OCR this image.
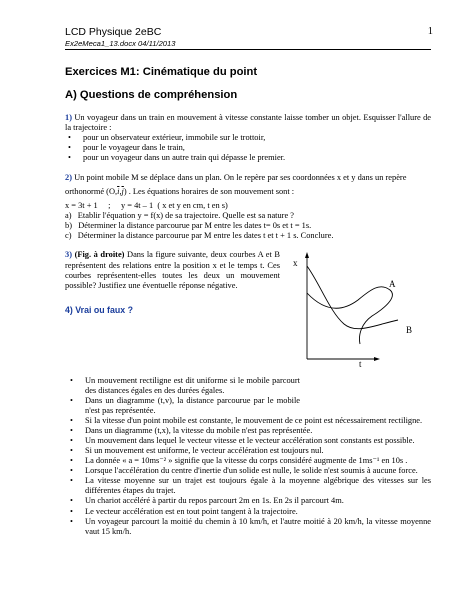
LCD Physique 2eBC	1
Ex2eMeca1_13.docx 04/11/2013
Exercices M1: Cinématique du point
A) Questions de compréhension
1) Un voyageur dans un train en mouvement à vitesse constante laisse tomber un objet. Esquisser l'allure de la trajectoire :
• pour un observateur extérieur, immobile sur le trottoir,
• pour le voyageur dans le train,
• pour un voyageur dans un autre train qui dépasse le premier.
2) Un point mobile M se déplace dans un plan. On le repère par ses coordonnées x et y dans un repère
orthonormé $(O,\overline{i},\overline{j})$ . Les équations horaires de son mouvement sont :
x = 3t + 1     ;     y = 4t – 1  ( x et y en cm, t en s)
a)   Etablir l'équation y = f(x) de sa trajectoire. Quelle est sa nature ?
b)   Déterminer la distance parcourue par M entre les dates t= 0s et t = 1s.
c)   Déterminer la distance parcourue par M entre les dates t et t + 1 s. Conclure.
3) (Fig. à droite) Dans la figure suivante, deux courbes A et B représentent des relations entre la position x et le temps t. Ces courbes représentent-elles toutes les deux un mouvement possible? Justifiez une éventuelle réponse négative.
4) Vrai ou faux ?
x
t
A
B
• Un mouvement rectiligne est dit uniforme si le mobile parcourt des distances égales en des durées égales.
• Dans un diagramme (t,v), la distance parcourue par le mobile n'est pas représentée.
• Si la vitesse d'un point mobile est constante, le mouvement de ce point est nécessairement rectiligne.
• Dans un diagramme (t,x), la vitesse du mobile n'est pas représentée.
• Un mouvement dans lequel le vecteur vitesse et le vecteur accélération sont constants est possible.
• Si un mouvement est uniforme, le vecteur accélération est toujours nul.
• La donnée « a = 10ms⁻² » signifie que la vitesse du corps considéré augmente de 1ms⁻¹ en 10s .
• Lorsque l'accélération du centre d'inertie d'un solide est nulle, le solide n'est soumis à aucune force.
• La vitesse moyenne sur un trajet est toujours égale à la moyenne algébrique des vitesses sur les différentes étapes du trajet.
• Un chariot accéléré à partir du repos parcourt 2m en 1s. En 2s il parcourt 4m.
• Le vecteur accélération est en tout point tangent à la trajectoire.
• Un voyageur parcourt la moitié du chemin à 10 km/h, et l'autre moitié à 20 km/h, la vitesse moyenne vaut 15 km/h.
